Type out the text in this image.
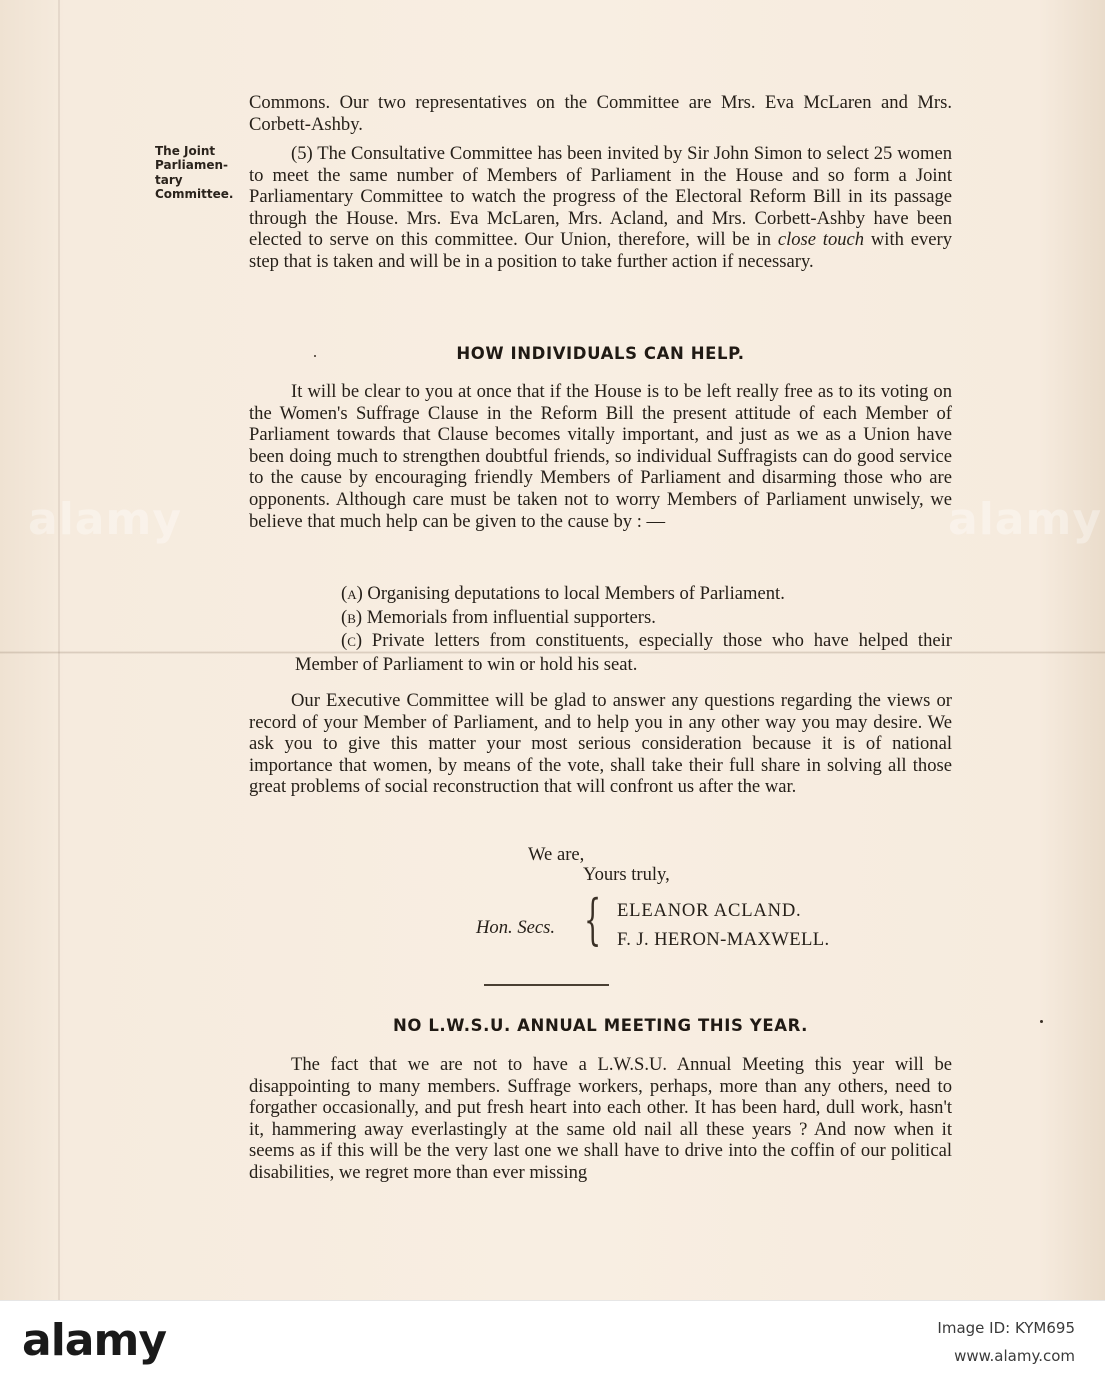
alamy	alamy

Commons. Our two representatives on the Committee are Mrs. Eva McLaren and Mrs. Corbett-Ashby.

The Joint
Parliamen-
tary
Committee.

(5) The Consultative Committee has been invited by Sir John Simon to select 25 women to meet the same number of Members of Parliament in the House and so form a Joint Parliamentary Committee to watch the progress of the Electoral Reform Bill in its passage through the House. Mrs. Eva McLaren, Mrs. Acland, and Mrs. Corbett-Ashby have been elected to serve on this committee. Our Union, therefore, will be in close touch with every step that is taken and will be in a position to take further action if necessary.

HOW INDIVIDUALS CAN HELP.

It will be clear to you at once that if the House is to be left really free as to its voting on the Women's Suffrage Clause in the Reform Bill the present attitude of each Member of Parliament towards that Clause becomes vitally important, and just as we as a Union have been doing much to strengthen doubtful friends, so individual Suffragists can do good service to the cause by encouraging friendly Members of Parliament and disarming those who are opponents. Although care must be taken not to worry Members of Parliament unwisely, we believe that much help can be given to the cause by : —

(a) Organising deputations to local Members of Parliament.

(b) Memorials from influential supporters.

(c) Private letters from constituents, especially those who have helped their Member of Parliament to win or hold his seat.

Our Executive Committee will be glad to answer any questions regarding the views or record of your Member of Parliament, and to help you in any other way you may desire. We ask you to give this matter your most serious consideration because it is of national importance that women, by means of the vote, shall take their full share in solving all those great problems of social reconstruction that will confront us after the war.

We are,
Yours truly,
Hon. Secs. { ELEANOR ACLAND.
F. J. HERON-MAXWELL.
NO L.W.S.U. ANNUAL MEETING THIS YEAR.

The fact that we are not to have a L.W.S.U. Annual Meeting this year will be disappointing to many members. Suffrage workers, perhaps, more than any others, need to forgather occasionally, and put fresh heart into each other. It has been hard, dull work, hasn't it, hammering away everlastingly at the same old nail all these years ? And now when it seems as if this will be the very last one we shall have to drive into the coffin of our political disabilities, we regret more than ever missing

alamy	Image ID: KYM695
www.alamy.com
